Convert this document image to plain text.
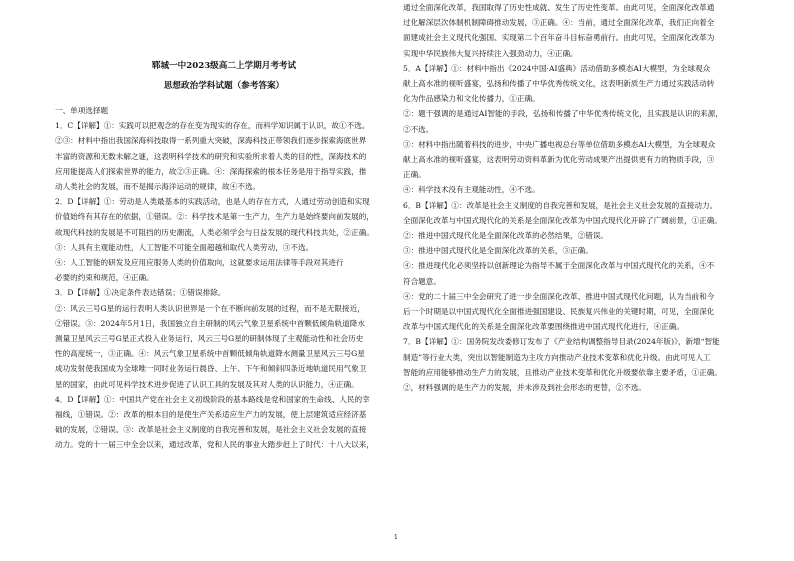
郓城一中2023级高二上学期月考考试

思想政治学科试题（参考答案）

一、单项选择题

1．C【详解】①：实践可以把观念的存在变为现实的存在，而科学知识属于认识，故①不选。

②③：材料中指出我国深海科技取得一系列重大突破，深海科技正带领我们逐步探索海底世界

丰富的资源和无数未解之谜，这表明科学技术的研究和实验所求着人类的目的性，深海技术的

应用能提高人们探索世界的能力，故②③正确。④：深海探索的根本任务是用于指导实践，推

动人类社会的发展，而不是揭示海洋运动的规律，故④不选。

2．D【详解】①：劳动是人类最基本的实践活动，也是人的存在方式，人通过劳动创造和实现

价值始终有其存在的依据，①错误。②：科学技术是第一生产力，生产力是始终要向前发展的，

故现代科技的发展是不可阻挡的历史潮流，人类必须学会与日益发展的现代科技共处，②正确。

③：人具有主观能动性，人工智能不可能全面超越和取代人类劳动，③不选。

④：人工智能的研发及应用应服务人类的价值取向，这就要求运用法律等手段对其进行

必要的约束和规范，④正确。

3．D【详解】①决定条件表达错误；①错误排除。

②：风云三号G星的运行表明人类认识世界是一个在不断向前发展的过程，而不是无限接近，

②错误。③：2024年5月1日，我国独立自主研制的风云气象卫星系统中首颗低倾角轨道降水

测量卫星风云三号G星正式投入业务运行，风云三号G星的研制体现了主观能动性和社会历史

性的高度统一，③正确。④：风云气象卫星系统中首颗低倾角轨道降水测量卫星风云三号G星

成功发射使我国成为全球唯一同时业务运行晨昏、上午、下午和倾斜四条近地轨道民用气象卫

星的国家，由此可见科学技术进步促进了认识工具的发展及其对人类的认识能力，④正确。

4．D【详解】①：中国共产党在社会主义初级阶段的基本路线是党和国家的生命线、人民的幸

福线，①错误。②：改革的根本目的是使生产关系适应生产力的发展，使上层建筑适应经济基

础的发展，②错误。③：改革是社会主义制度的自我完善和发展，是社会主义社会发展的直接

动力。党的十一届三中全会以来，通过改革，党和人民的事业大踏步赶上了时代：十八大以来，

通过全面深化改革，我国取得了历史性成就、发生了历史性变革。由此可见，全面深化改革通

过化解深层次体制机制障碍推动发展，③正确。④：当前，通过全面深化改革，我们正向着全

面建成社会主义现代化强国、实现第二个百年奋斗目标奋勇前行。由此可见，全面深化改革为

实现中华民族伟大复兴持续注入强劲动力，④正确。

5．A【详解】①：材料中指出《2024中国·AI盛典》活动借助多模态AI大模型，为全球观众

献上高水准的视听盛宴，弘扬和传播了中华优秀传统文化，这表明新质生产力通过实践活动转

化为作品感染力和文化传播力，①正确。

②：题干强调的是通过AI智能的手段，弘扬和传播了中华优秀传统文化，且实践是认识的来源，

②不选。

③：材料中指出随着科技的进步，中央广播电视总台等单位借助多模态AI大模型，为全球观众

献上高水准的视听盛宴，这表明劳动资料革新为优化劳动成果产出提供更有力的物质手段，③

正确。

④：科学技术没有主观能动性，④不选。

6．B【详解】①：改革是社会主义制度的自我完善和发展，是社会主义社会发展的直接动力。

全面深化改革与中国式现代化的关系是全面深化改革为中国式现代化开辟了广阔前景，①正确。

②：推进中国式现代化是全面深化改革的必然结果，②错误。

③：推进中国式现代化是全面深化改革的关系，③正确。

④：推进现代化必须坚持以创新理论为指导不属于全面深化改革与中国式现代化的关系，④不

符合题意。

④：党的二十届三中全会研究了进一步全面深化改革、推进中国式现代化问题，认为当前和今

后一个时期是以中国式现代化全面推进强国建设、民族复兴伟业的关键时期，可见，全面深化

改革与中国式现代化的关系是全面深化改革要围绕推进中国式现代化进行，④正确。

7．B【详解】①：国务院发改委修订发布了《产业结构调整指导目录(2024年版)》，新增“智能

制造”等行业大类，突出以智能制造为主攻方向推动产业技术变革和优化升级。由此可见人工

智能的应用能够推动生产力的发展，且推动产业技术变革和优化升级要依靠主要矛盾，①正确。

②，材料强调的是生产力的发展，并未涉及到社会形态的更替，②不选。

1
